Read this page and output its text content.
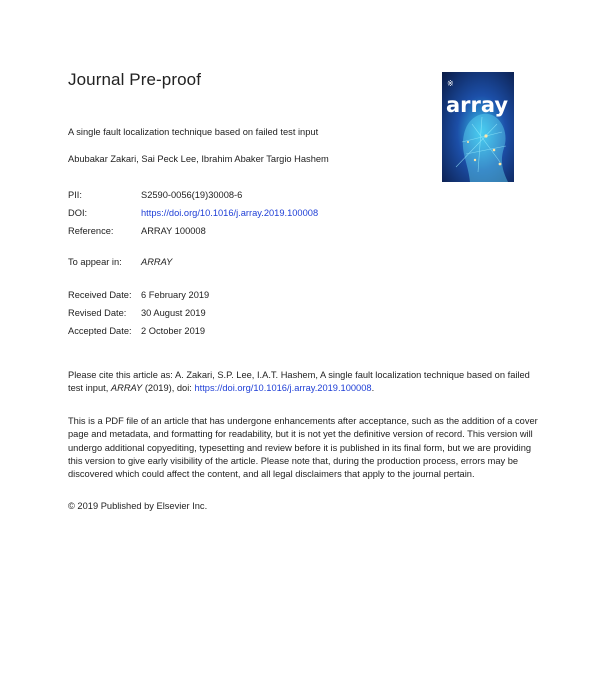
Journal Pre-proof	※
array
A single fault localization technique based on failed test input
Abubakar Zakari, Sai Peck Lee, Ibrahim Abaker Targio Hashem
PII:	S2590-0056(19)30008-6
DOI:	https://doi.org/10.1016/j.array.2019.100008
Reference:	ARRAY 100008
To appear in: ARRAY
Received Date: 6 February 2019
Revised Date: 30 August 2019
Accepted Date: 2 October 2019
Please cite this article as: A. Zakari, S.P. Lee, I.A.T. Hashem, A single fault localization technique based on failed test input, ARRAY (2019), doi: https://doi.org/10.1016/j.array.2019.100008.
This is a PDF file of an article that has undergone enhancements after acceptance, such as the addition of a cover page and metadata, and formatting for readability, but it is not yet the definitive version of record. This version will undergo additional copyediting, typesetting and review before it is published in its final form, but we are providing this version to give early visibility of the article. Please note that, during the production process, errors may be discovered which could affect the content, and all legal disclaimers that apply to the journal pertain.
© 2019 Published by Elsevier Inc.
